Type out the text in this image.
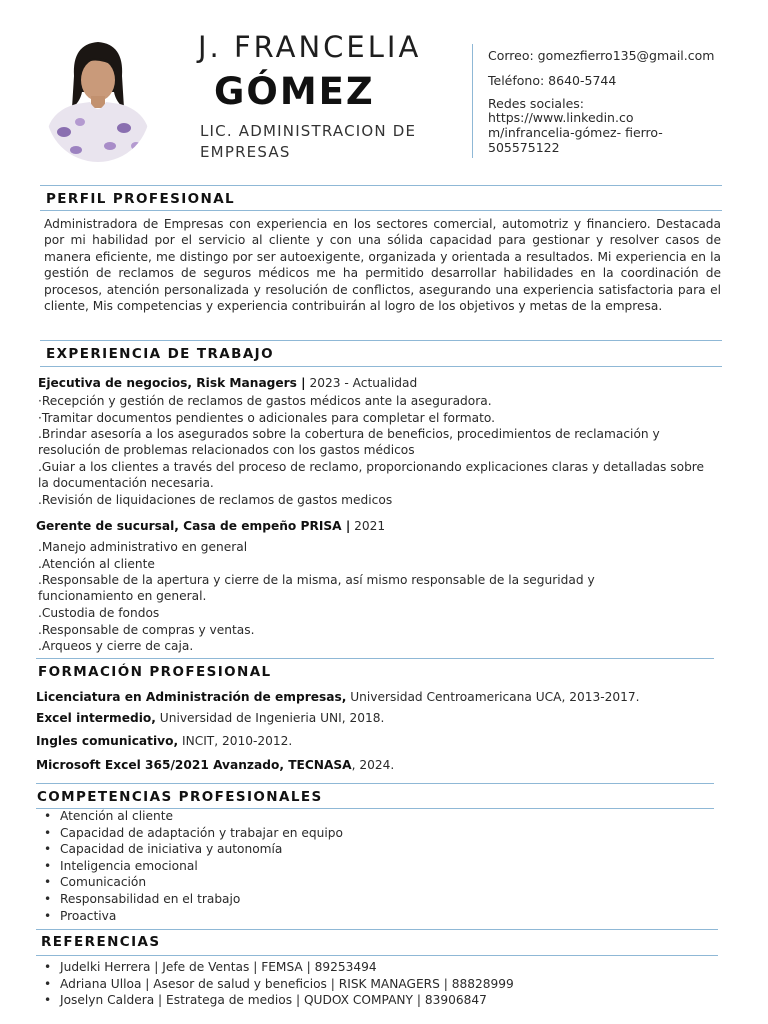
J. FRANCELIA
GÓMEZ
LIC. ADMINISTRACION DE EMPRESAS
Correo: gomezfierro135@gmail.com
Teléfono: 8640-5744
Redes sociales:
https://www.linkedin.co
m/infrancelia-gómez- fierro-
505575122
PERFIL PROFESIONAL
Administradora de Empresas con experiencia en los sectores comercial, automotriz y financiero. Destacada por mi habilidad por el servicio al cliente y con una sólida capacidad para gestionar y resolver casos de manera eficiente, me distingo por ser autoexigente, organizada y orientada a resultados. Mi experiencia en la gestión de reclamos de seguros médicos me ha permitido desarrollar habilidades en la coordinación de procesos, atención personalizada y resolución de conflictos, asegurando una experiencia satisfactoria para el cliente, Mis competencias y experiencia contribuirán al logro de los objetivos y metas de la empresa.
EXPERIENCIA DE TRABAJO
Ejecutiva de negocios, Risk Managers | 2023 - Actualidad
·Recepción y gestión de reclamos de gastos médicos ante la aseguradora.
·Tramitar documentos pendientes o adicionales para completar el formato.
.Brindar asesoría a los asegurados sobre la cobertura de beneficios, procedimientos de reclamación y resolución de problemas relacionados con los gastos médicos
.Guiar a los clientes a través del proceso de reclamo, proporcionando explicaciones claras y detalladas sobre la documentación necesaria.
.Revisión de liquidaciones de reclamos de gastos medicos
Gerente de sucursal, Casa de empeño PRISA | 2021
.Manejo administrativo en general
.Atención al cliente
.Responsable de la apertura y cierre de la misma, así mismo responsable de la seguridad y funcionamiento en general.
.Custodia de fondos
.Responsable de compras y ventas.
.Arqueos y cierre de caja.
FORMACIÓN PROFESIONAL
Licenciatura en Administración de empresas, Universidad Centroamericana UCA, 2013-2017.
Excel intermedio, Universidad de Ingenieria UNI, 2018.
Ingles comunicativo, INCIT, 2010-2012.
Microsoft Excel 365/2021 Avanzado, TECNASA, 2024.
COMPETENCIAS PROFESIONALES
• Atención al cliente
• Capacidad de adaptación y trabajar en equipo
• Capacidad de iniciativa y autonomía
• Inteligencia emocional
• Comunicación
• Responsabilidad en el trabajo
• Proactiva
REFERENCIAS
• Judelki Herrera | Jefe de Ventas | FEMSA | 89253494
• Adriana Ulloa | Asesor de salud y beneficios | RISK MANAGERS | 88828999
• Joselyn Caldera | Estratega de medios | QUDOX COMPANY | 83906847
